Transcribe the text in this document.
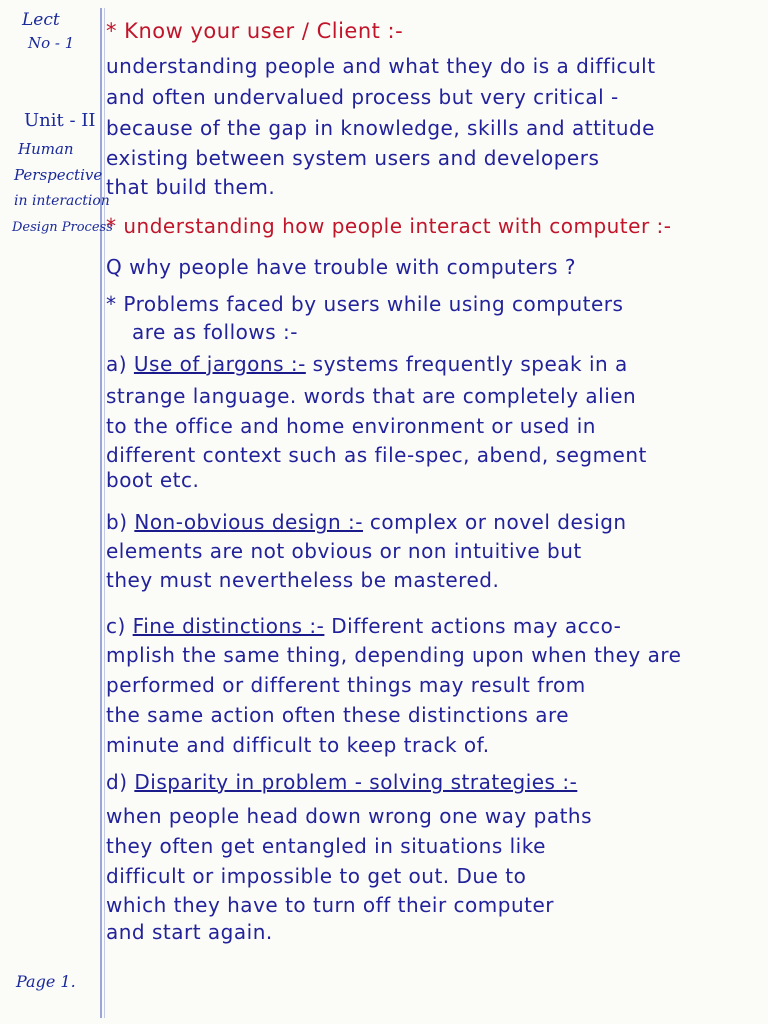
Lect
No - 1
Unit - II
Human
Perspective
in interaction
Design Process
Page 1.
* Know your user / Client :-
understanding people and what they do is a difficult
and often undervalued process but very critical -
because of the gap in knowledge, skills and attitude
existing between system users and developers
that build them.
* understanding how people interact with computer :-
Q why people have trouble with computers ?
* Problems faced by users while using computers
are as follows :-
a) Use of jargons :- systems frequently speak in a
strange language. words that are completely alien
to the office and home environment or used in
different context such as file-spec, abend, segment
boot etc.
b) Non-obvious design :- complex or novel design
elements are not obvious or non intuitive but
they must nevertheless be mastered.
c) Fine distinctions :- Different actions may acco-
mplish the same thing, depending upon when they are
performed or different things may result from
the same action often these distinctions are
minute and difficult to keep track of.
d) Disparity in problem - solving strategies :-
when people head down wrong one way paths
they often get entangled in situations like
difficult or impossible to get out. Due to
which they have to turn off their computer
and start again.
